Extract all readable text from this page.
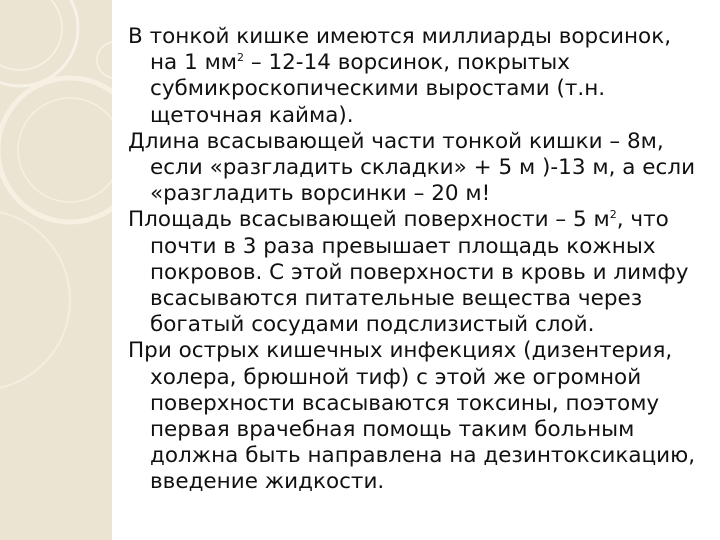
В тонкой кишке имеются миллиарды ворсинок, на 1 $мм^2 - 12-14$ ворсинок, покрытых субмикроскопическими выростами (т.н. щеточная кайма).

Длина всасывающей части тонкой кишки – 8м, если «разгладить складки» + 5 м )-13 м, а если «разгладить ворсинки – 20 м!

Площадь всасывающей поверхности – 5 $м^2$, что почти в 3 раза превышает площадь кожных покровов. С этой поверхности в кровь и лимфу всасываются питательные вещества через богатый сосудами подслизистый слой.

При острых кишечных инфекциях (дизентерия, холера, брюшной тиф) с этой же огромной поверхности всасываются токсины, поэтому первая врачебная помощь таким больным должна быть направлена на дезинтоксикацию, введение жидкости.
